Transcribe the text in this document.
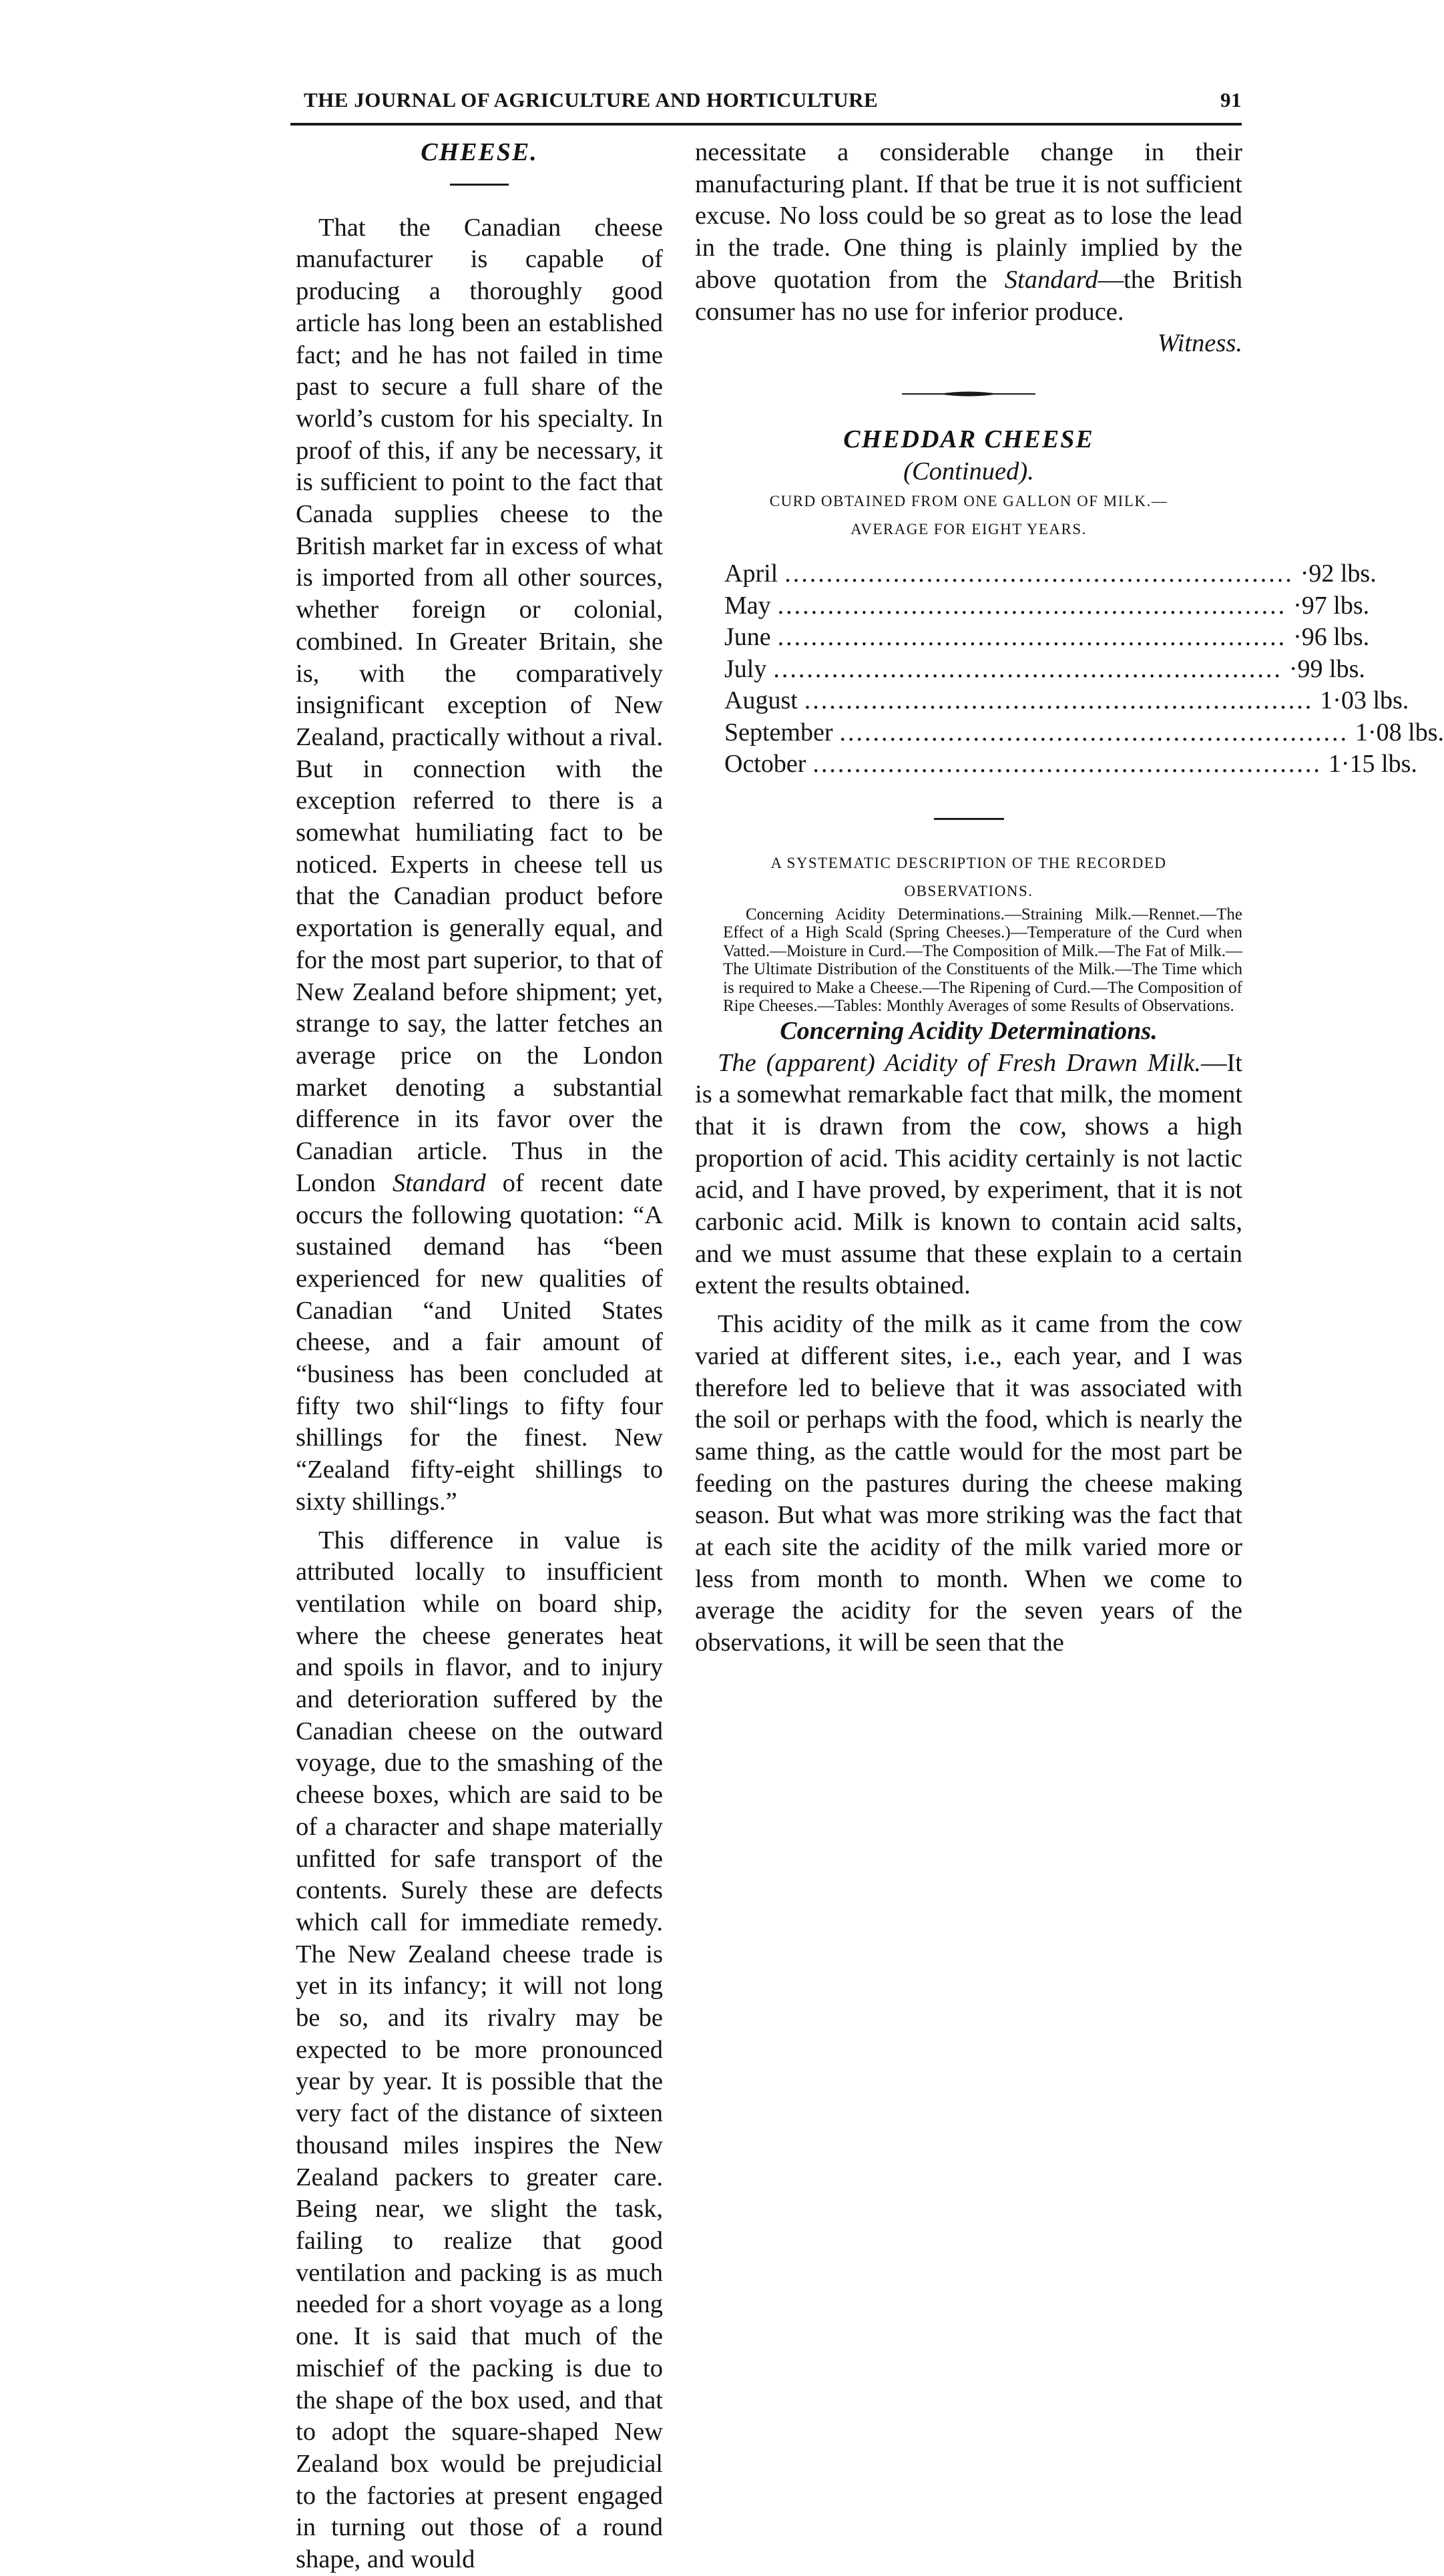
THE JOURNAL OF AGRICULTURE AND HORTICULTURE	91

CHEESE.

That the Canadian cheese manufacturer is capable of producing a thoroughly good article has long been an established fact; and he has not failed in time past to secure a full share of the world’s custom for his specialty. In proof of this, if any be necessary, it is sufficient to point to the fact that Canada supplies cheese to the British market far in excess of what is imported from all other sources, whether foreign or colonial, combined. In Greater Britain, she is, with the comparatively insignificant exception of New Zealand, practically without a rival. But in connection with the exception referred to there is a somewhat humiliating fact to be noticed. Experts in cheese tell us that the Canadian product before exportation is generally equal, and for the most part superior, to that of New Zealand before shipment; yet, strange to say, the latter fetches an average price on the London market denoting a substantial difference in its favor over the Canadian article. Thus in the London Standard of recent date occurs the following quotation: “A sustained demand has “been experienced for new qualities of Canadian “and United States cheese, and a fair amount of “business has been concluded at fifty two shil“lings to fifty four shillings for the finest. New “Zealand fifty-eight shillings to sixty shillings.”

This difference in value is attributed locally to insufficient ventilation while on board ship, where the cheese generates heat and spoils in flavor, and to injury and deterioration suffered by the Canadian cheese on the outward voyage, due to the smashing of the cheese boxes, which are said to be of a character and shape materially unfitted for safe transport of the contents. Surely these are defects which call for immediate remedy. The New Zealand cheese trade is yet in its infancy; it will not long be so, and its rivalry may be expected to be more pronounced year by year. It is possible that the very fact of the distance of sixteen thousand miles inspires the New Zealand packers to greater care. Being near, we slight the task, failing to realize that good ventilation and packing is as much needed for a short voyage as a long one. It is said that much of the mischief of the packing is due to the shape of the box used, and that to adopt the square-shaped New Zealand box would be prejudicial to the factories at present engaged in turning out those of a round shape, and would

necessitate a considerable change in their manufacturing plant. If that be true it is not sufficient excuse. No loss could be so great as to lose the lead in the trade. One thing is plainly implied by the above quotation from the Standard—the British consumer has no use for inferior produce.

Witness.

CHEDDAR CHEESE

(Continued).

CURD OBTAINED FROM ONE GALLON OF MILK.—

AVERAGE FOR EIGHT YEARS.

April ............................................................. ·92 lbs.
May ............................................................. ·97 lbs.
June ............................................................. ·96 lbs.
July ............................................................. ·99 lbs.
August ............................................................. 1·03 lbs.
September ............................................................. 1·08 lbs.
October ............................................................. 1·15 lbs.

A SYSTEMATIC DESCRIPTION OF THE RECORDED

OBSERVATIONS.

Concerning Acidity Determinations.—Straining Milk.—Rennet.—The Effect of a High Scald (Spring Cheeses.)—Temperature of the Curd when Vatted.—Moisture in Curd.—The Composition of Milk.—The Fat of Milk.—The Ultimate Distribution of the Constituents of the Milk.—The Time which is required to Make a Cheese.—The Ripening of Curd.—The Composition of Ripe Cheeses.—Tables: Monthly Averages of some Results of Observations.

Concerning Acidity Determinations.

The (apparent) Acidity of Fresh Drawn Milk.—It is a somewhat remarkable fact that milk, the moment that it is drawn from the cow, shows a high proportion of acid. This acidity certainly is not lactic acid, and I have proved, by experiment, that it is not carbonic acid. Milk is known to contain acid salts, and we must assume that these explain to a certain extent the results obtained.

This acidity of the milk as it came from the cow varied at different sites, i.e., each year, and I was therefore led to believe that it was associated with the soil or perhaps with the food, which is nearly the same thing, as the cattle would for the most part be feeding on the pastures during the cheese making season. But what was more striking was the fact that at each site the acidity of the milk varied more or less from month to month. When we come to average the acidity for the seven years of the observations, it will be seen that the
